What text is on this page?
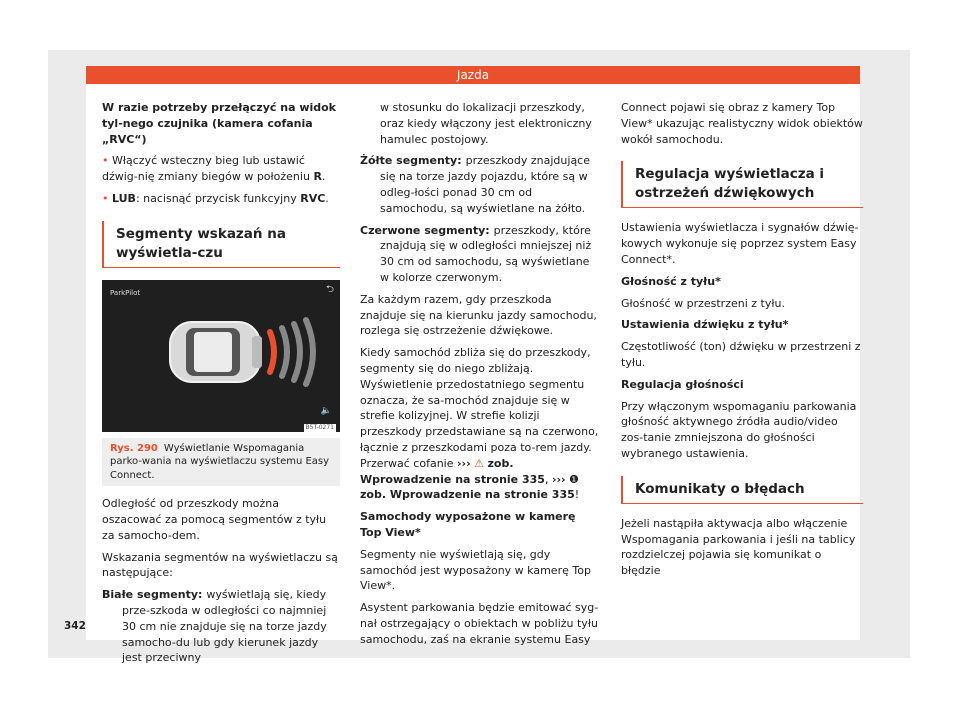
Jazda

W razie potrzeby przełączyć na widok tyl-nego czujnika (kamera cofania „RVC“)

• Włączyć wsteczny bieg lub ustawić dźwig-nię zmiany biegów w położeniu R.

• LUB: nacisnąć przycisk funkcyjny RVC.

Segmenty wskazań na wyświetla-czu
ParkPilot	⮌
🔈
B5T-0271
Rys. 290 Wyświetlanie Wspomagania parko-wania na wyświetlaczu systemu Easy Connect.

Odległość od przeszkody można oszacować za pomocą segmentów z tyłu za samocho-dem.

Wskazania segmentów na wyświetlaczu są następujące:

Białe segmenty: wyświetlają się, kiedy prze-szkoda w odległości co najmniej 30 cm nie znajduje się na torze jazdy samocho-du lub gdy kierunek jazdy jest przeciwny

w stosunku do lokalizacji przeszkody, oraz kiedy włączony jest elektroniczny hamulec postojowy.

Żółte segmenty: przeszkody znajdujące się na torze jazdy pojazdu, które są w odleg-łości ponad 30 cm od samochodu, są wyświetlane na żółto.

Czerwone segmenty: przeszkody, które znajdują się w odległości mniejszej niż 30 cm od samochodu, są wyświetlane w kolorze czerwonym.

Za każdym razem, gdy przeszkoda znajduje się na kierunku jazdy samochodu, rozlega się ostrzeżenie dźwiękowe.

Kiedy samochód zbliża się do przeszkody, segmenty się do niego zbliżają. Wyświetlenie przedostatniego segmentu oznacza, że sa-mochód znajduje się w strefie kolizyjnej. W strefie kolizji przeszkody przedstawiane są na czerwono, łącznie z przeszkodami poza to-rem jazdy. Przerwać cofanie ››› ⚠ zob. Wprowadzenie na stronie 335, ››› ❶ zob. Wprowadzenie na stronie 335!

Samochody wyposażone w kamerę Top View*

Segmenty nie wyświetlają się, gdy samochód jest wyposażony w kamerę Top View*.

Asystent parkowania będzie emitować syg-nał ostrzegający o obiektach w pobliżu tyłu samochodu, zaś na ekranie systemu Easy

Connect pojawi się obraz z kamery Top View* ukazując realistyczny widok obiektów wokół samochodu.

Regulacja wyświetlacza i ostrzeżeń dźwiękowych

Ustawienia wyświetlacza i sygnałów dźwię-kowych wykonuje się poprzez system Easy Connect*.

Głośność z tyłu*

Głośność w przestrzeni z tyłu.

Ustawienia dźwięku z tyłu*

Częstotliwość (ton) dźwięku w przestrzeni z tyłu.

Regulacja głośności

Przy włączonym wspomaganiu parkowania głośność aktywnego źródła audio/video zos-tanie zmniejszona do głośności wybranego ustawienia.

Komunikaty o błędach

Jeżeli nastąpiła aktywacja albo włączenie Wspomagania parkowania i jeśli na tablicy rozdzielczej pojawia się komunikat o błędzie

342
